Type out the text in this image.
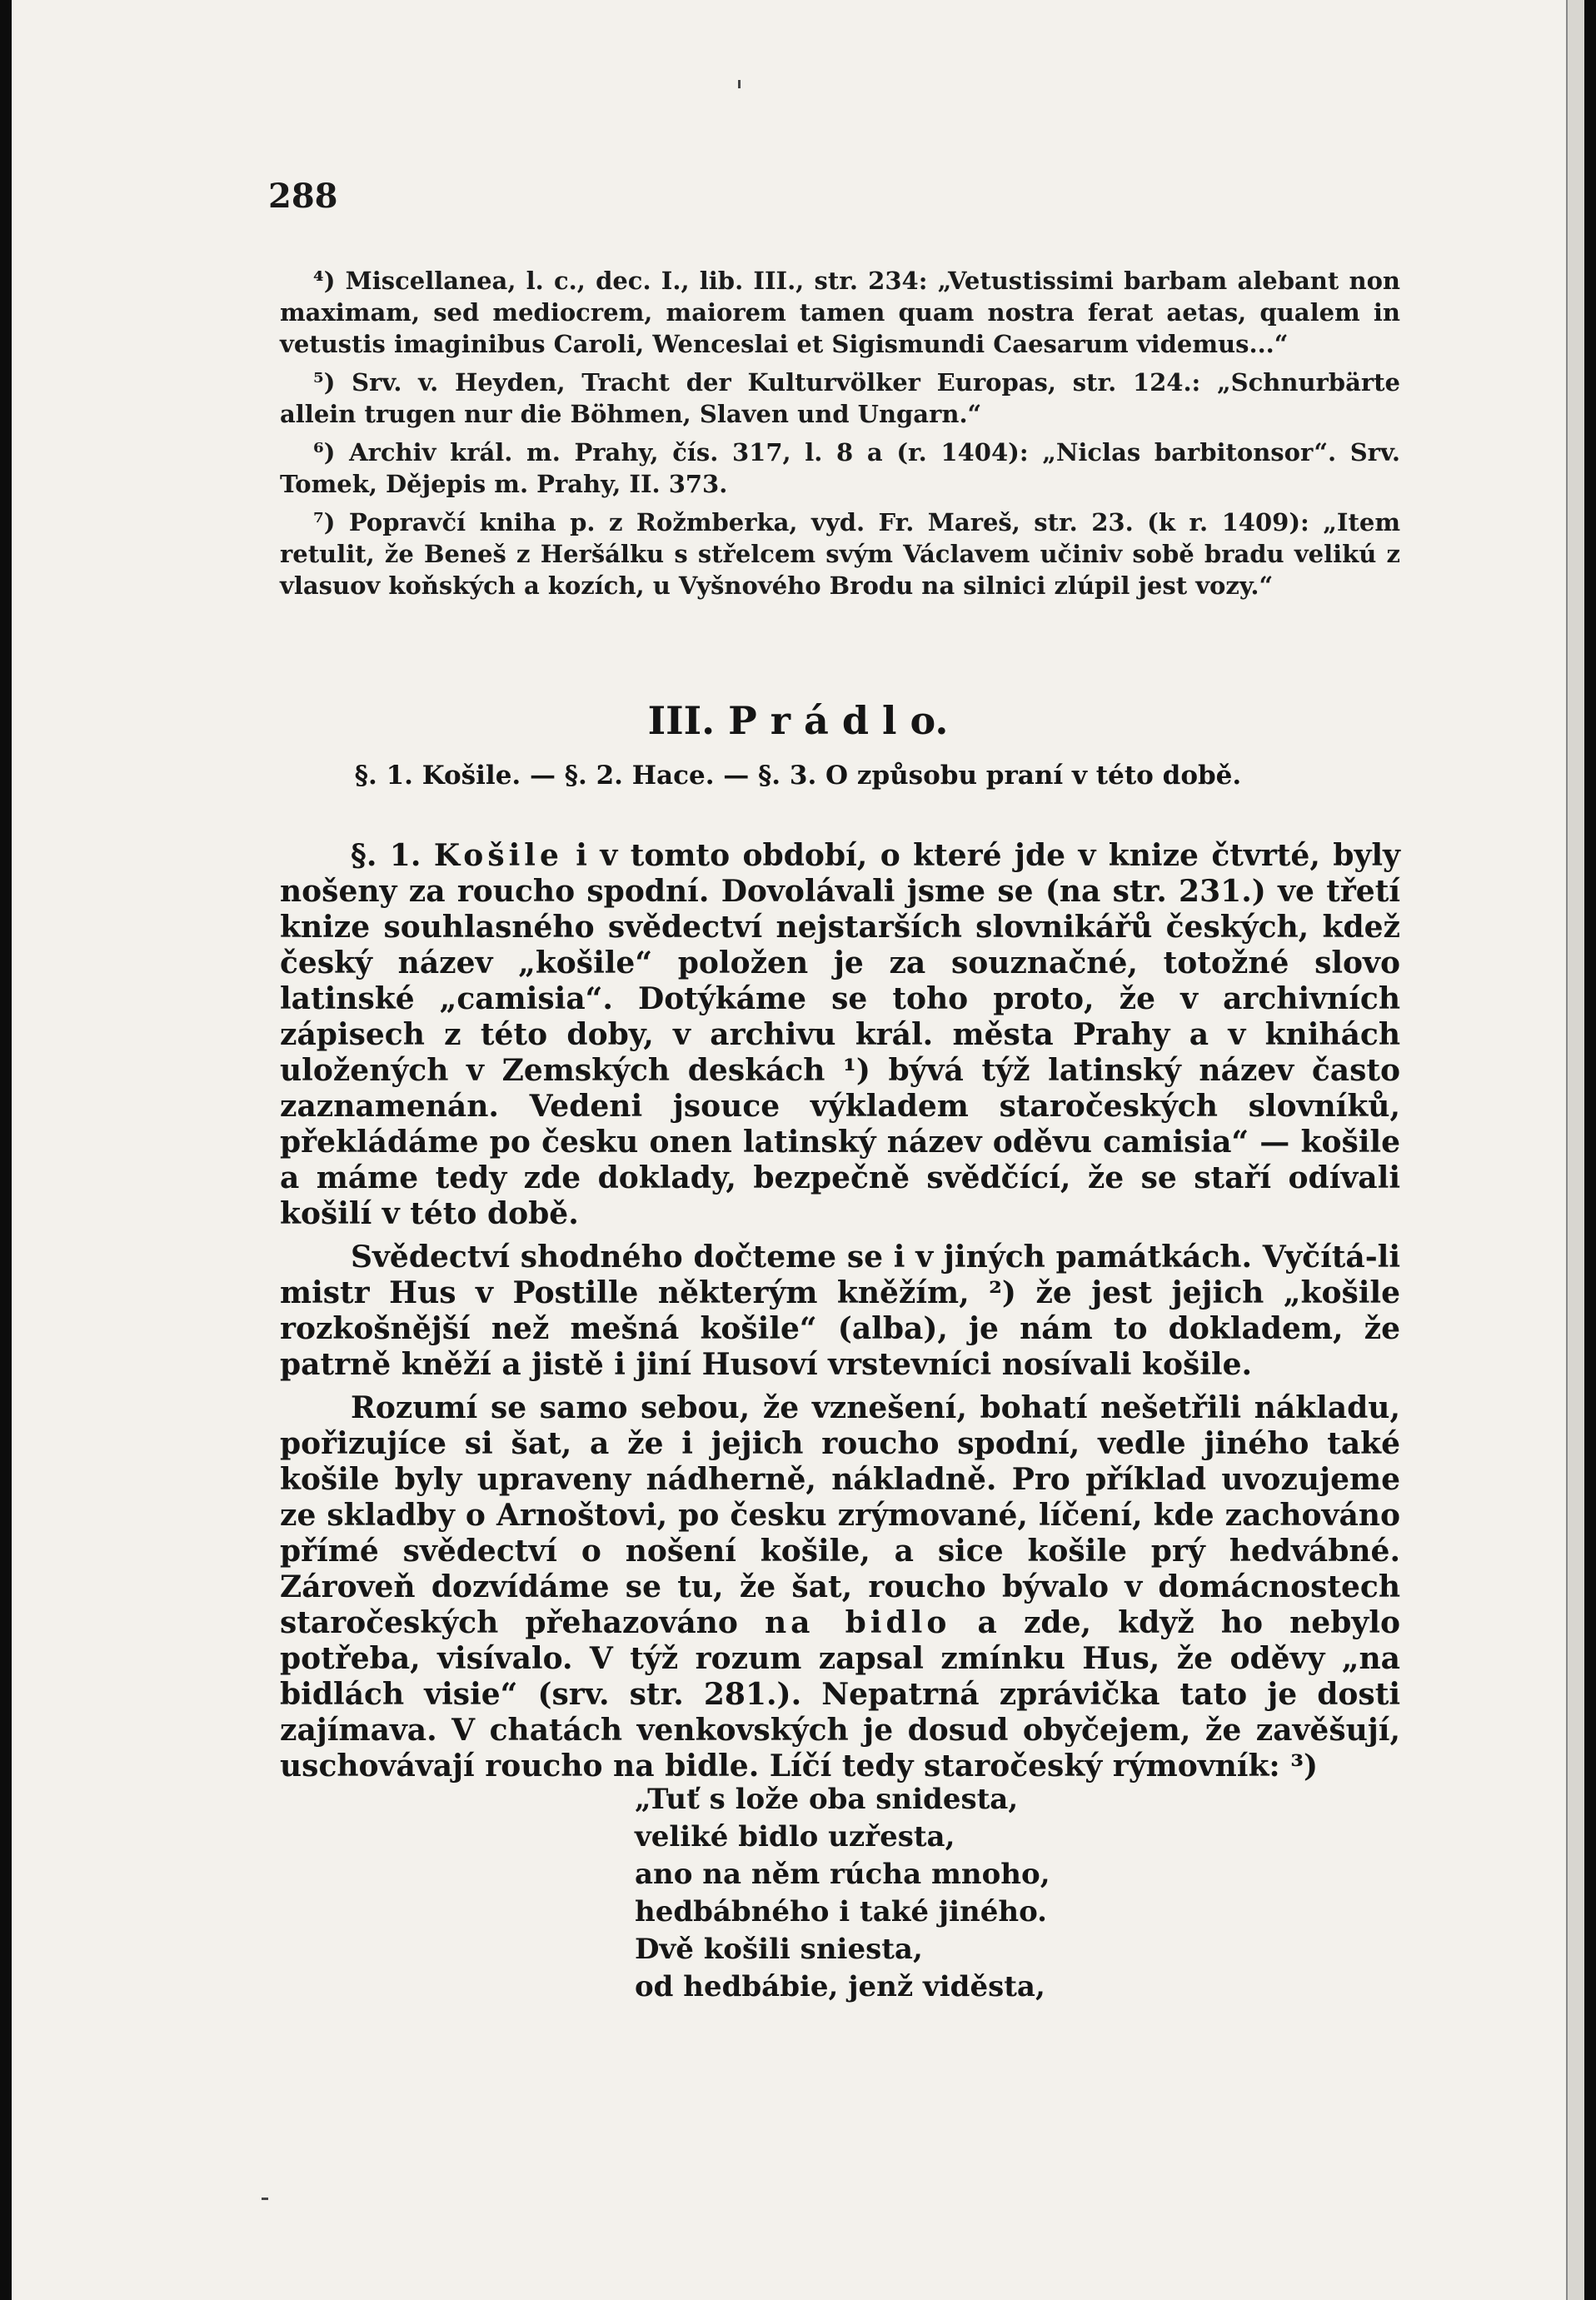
288

⁴) Miscellanea, l. c., dec. I., lib. III., str. 234: „Vetustissimi barbam alebant non maximam, sed mediocrem, maiorem tamen quam nostra ferat aetas, qualem in vetustis imaginibus Caroli, Wenceslai et Sigismundi Caesarum videmus...“

⁵) Srv. v. Heyden, Tracht der Kulturvölker Europas, str. 124.: „Schnurbärte allein trugen nur die Böhmen, Slaven und Ungarn.“

⁶) Archiv král. m. Prahy, čís. 317, l. 8 a (r. 1404): „Niclas barbitonsor“. Srv. Tomek, Dějepis m. Prahy, II. 373.

⁷) Popravčí kniha p. z Rožmberka, vyd. Fr. Mareš, str. 23. (k r. 1409): „Item retulit, že Beneš z Heršálku s střelcem svým Václavem učiniv sobě bradu velikú z vlasuov koňských a kozích, u Vyšnového Brodu na silnici zlúpil jest vozy.“

III. P r á d l o.
§. 1. Košile. — §. 2. Hace. — §. 3. O způsobu praní v této době.

§. 1. Košile i v tomto období, o které jde v knize čtvrté, byly nošeny za roucho spodní. Dovolávali jsme se (na str. 231.) ve třetí knize souhlasného svědectví nejstarších slovnikářů českých, kdež český název „košile“ položen je za souznačné, totožné slovo latinské „camisia“. Dotýkáme se toho proto, že v archivních zápisech z této doby, v archivu král. města Prahy a v knihách uložených v Zemských deskách ¹) bývá týž latinský název často zaznamenán. Vedeni jsouce výkladem staročeských slovníků, překládáme po česku onen latinský název oděvu camisia“ — košile a máme tedy zde doklady, bezpečně svědčící, že se staří odívali košilí v této době.

Svědectví shodného dočteme se i v jiných památkách. Vyčítá-li mistr Hus v Postille některým kněžím, ²) že jest jejich „košile rozkošnější než mešná košile“ (alba), je nám to dokladem, že patrně kněží a jistě i jiní Husoví vrstevníci nosívali košile.

Rozumí se samo sebou, že vznešení, bohatí nešetřili nákladu, pořizujíce si šat, a že i jejich roucho spodní, vedle jiného také košile byly upraveny nádherně, nákladně. Pro příklad uvozujeme ze skladby o Arnoštovi, po česku zrýmované, líčení, kde zachováno přímé svědectví o nošení košile, a sice košile prý hedvábné. Zároveň dozvídáme se tu, že šat, roucho bývalo v domácnostech staročeských přehazováno na bidlo a zde, když ho nebylo potřeba, visívalo. V týž rozum zapsal zmínku Hus, že oděvy „na bidlách visie“ (srv. str. 281.). Nepatrná zprávička tato je dosti zajímava. V chatách venkovských je dosud obyčejem, že zavěšují, uschovávají roucho na bidle. Líčí tedy staročeský rýmovník: ³)

„Tuť s lože oba snidesta,
veliké bidlo uzřesta,
ano na něm rúcha mnoho,
hedbábného i také jiného.
Dvě košili sniesta,
od hedbábie, jenž viděsta,
